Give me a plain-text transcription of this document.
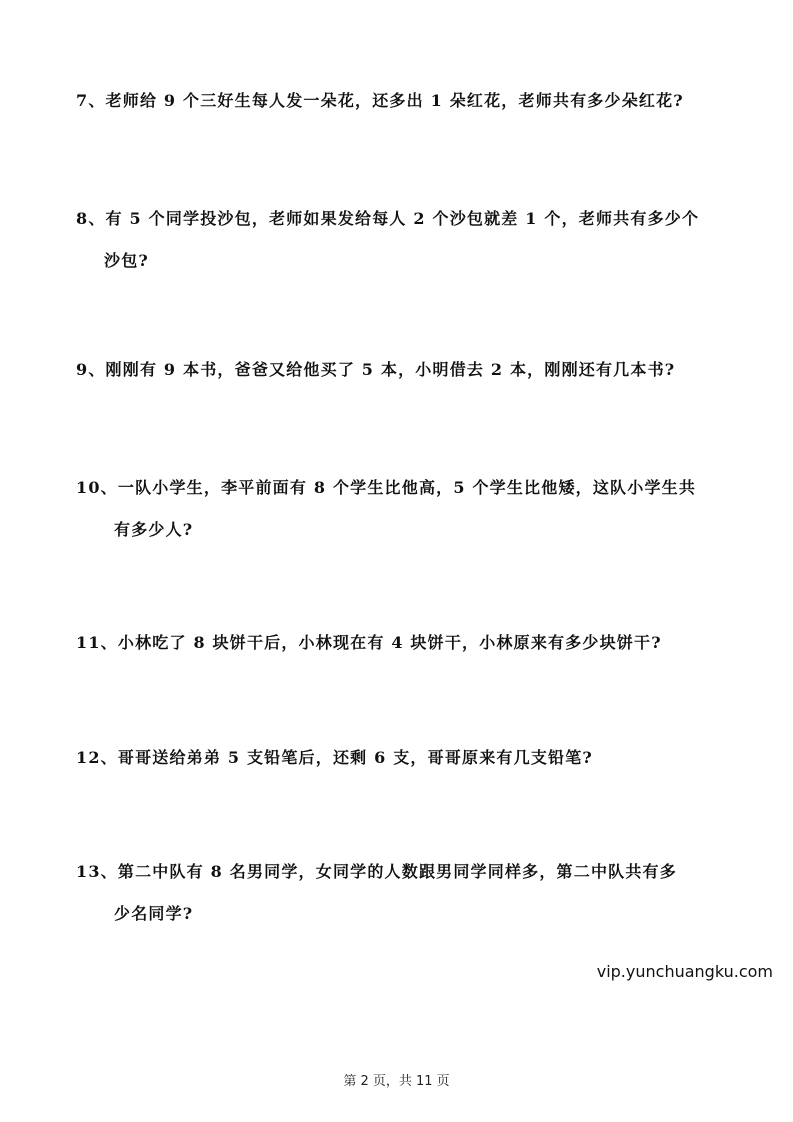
7、老师给 9 个三好生每人发一朵花，还多出 1 朵红花，老师共有多少朵红花?
8、有 5 个同学投沙包，老师如果发给每人 2 个沙包就差 1 个，老师共有多少个
沙包?
9、刚刚有 9 本书，爸爸又给他买了 5 本，小明借去 2 本，刚刚还有几本书?
10、一队小学生，李平前面有 8 个学生比他高，5 个学生比他矮，这队小学生共
有多少人?
11、小林吃了 8 块饼干后，小林现在有 4 块饼干，小林原来有多少块饼干?
12、哥哥送给弟弟 5 支铅笔后，还剩 6 支，哥哥原来有几支铅笔?
13、第二中队有 8 名男同学，女同学的人数跟男同学同样多，第二中队共有多
少名同学?
vip.yunchuangku.com
第 2 页，共 11 页
